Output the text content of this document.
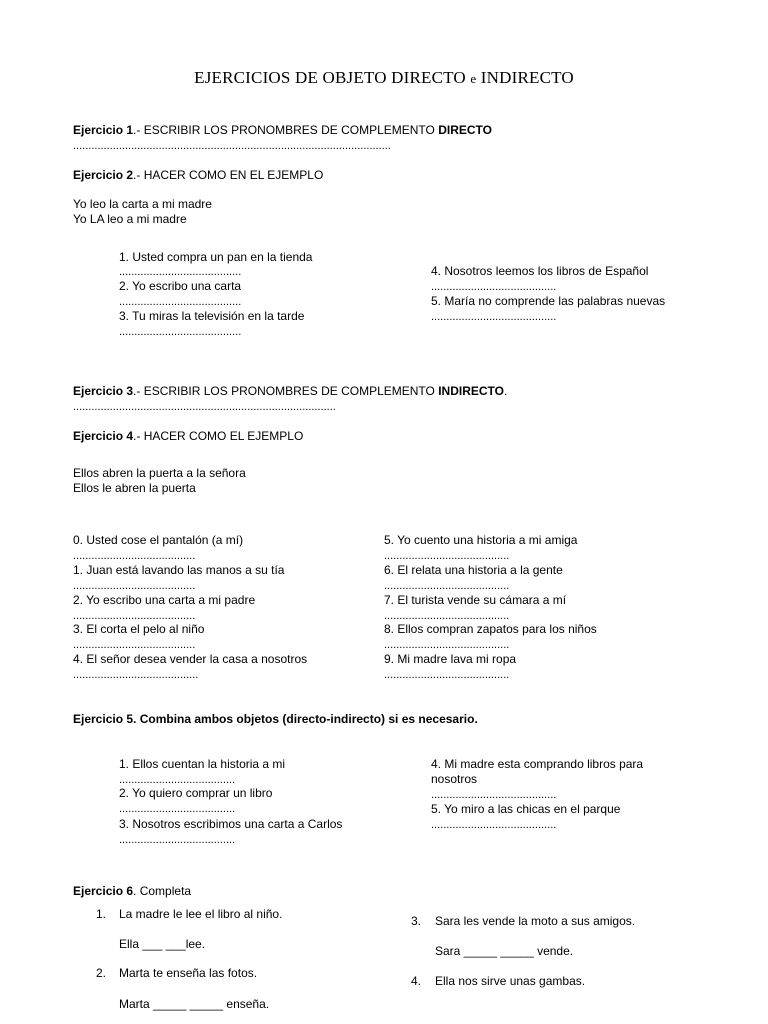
EJERCICIOS DE OBJETO DIRECTO e INDIRECTO
Ejercicio 1.- ESCRIBIR LOS PRONOMBRES DE COMPLEMENTO DIRECTO
........................................................................................................
Ejercicio 2.- HACER COMO EN EL EJEMPLO
Yo leo la carta a mi madre
Yo LA leo a mi madre
1. Usted compra un pan en la tienda
........................................
2. Yo escribo una carta
........................................
3. Tu miras la televisión en la tarde
........................................
4. Nosotros leemos los libros de Español
.........................................
5. María no comprende las palabras nuevas
.........................................
Ejercicio 3.- ESCRIBIR LOS PRONOMBRES DE COMPLEMENTO INDIRECTO.
......................................................................................
Ejercicio 4.- HACER COMO EL EJEMPLO
Ellos abren la puerta a la señora
Ellos le abren la puerta
0. Usted cose el pantalón (a mí)
........................................
1. Juan está lavando las manos a su tía
........................................
2. Yo escribo una carta a mi padre
........................................
3. El corta el pelo al niño
........................................
4. El señor desea vender la casa a nosotros
.........................................
5. Yo cuento una historia a mi amiga
.........................................
6. El relata una historia a la gente
.........................................
7. El turista vende su cámara a mí
.........................................
8. Ellos compran zapatos para los niños
.........................................
9. Mi madre lava mi ropa
.........................................
Ejercicio 5. Combina ambos objetos (directo-indirecto) si es necesario.
1. Ellos cuentan la historia a mi
......................................
2. Yo quiero comprar un libro
......................................
3. Nosotros escribimos una carta a Carlos
......................................
4. Mi madre esta comprando libros para
nosotros
.........................................
5. Yo miro a las chicas en el parque
.........................................
Ejercicio 6. Completa
1. La madre le lee el libro al niño.
Ella ___ ___lee.
2. Marta te enseña las fotos.
Marta _____ _____ enseña.
3. Sara les vende la moto a sus amigos.
Sara _____ _____ vende.
4. Ella nos sirve unas gambas.
